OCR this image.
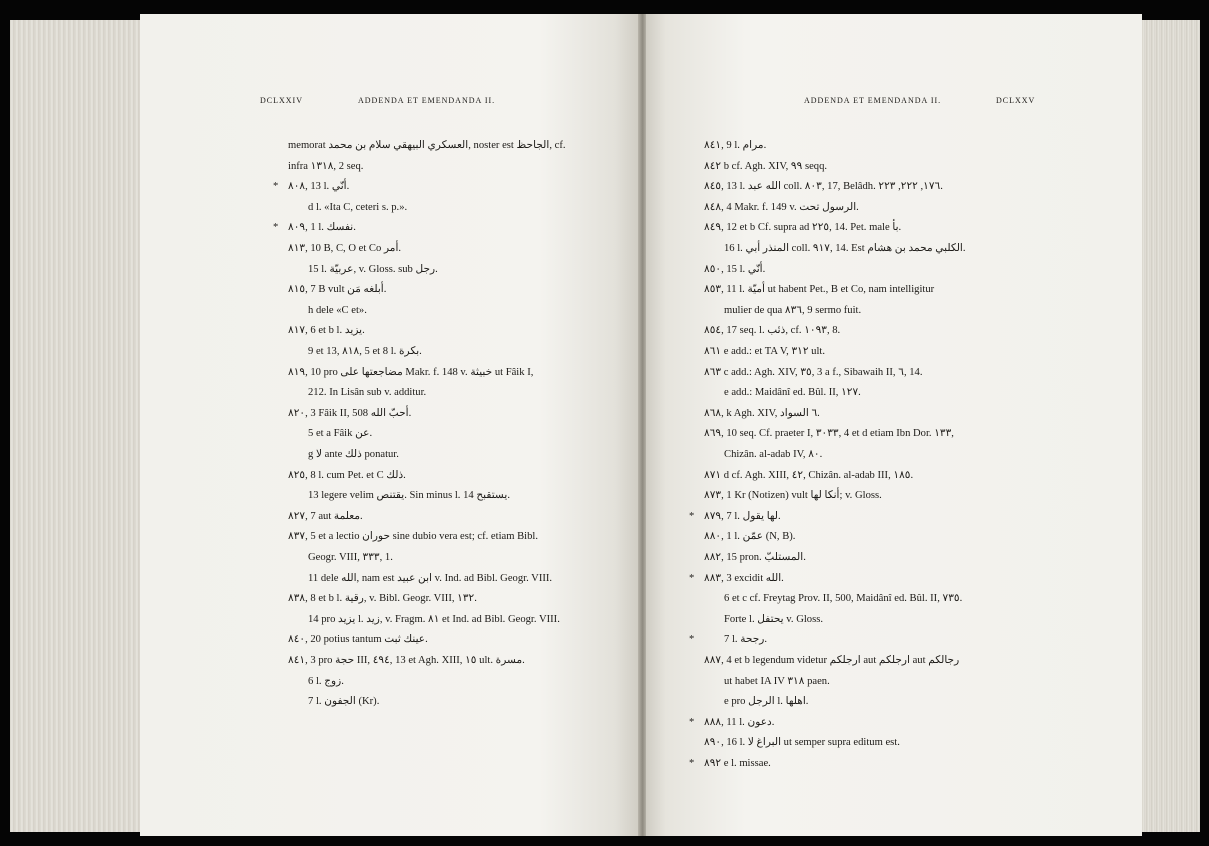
DCLXXIV	ADDENDA ET EMENDANDA II.
memorat العسكري البيهقي سلام بن محمد, noster est الجاحظ, cf.
infra ١٣١٨, 2 seq.
٨٠٨, 13 l. أنّي.
*
d l. «Ita C, ceteri s. p.».
٨٠٩, 1 l. نفسك.
*
٨١٣, 10 B, C, O et Co أمر.
15 l. عربيّة, v. Gloss. sub رجل.
٨١٥, 7 B vult أبلغه مَن.
h dele «C et».
٨١٧, 6 et b l. يزيد.
9 et 13, ٨١٨, 5 et 8 l. بكرة.
٨١٩, 10 pro مضاجعتها على Makr. f. 148 v. خبيثة ut Fâik I,
212. In Lisân sub v. additur.
٨٢٠, 3 Fâik II, 508 أحبّ الله.
5 et a Fâik عن.
g لا ante ذلك ponatur.
٨٢٥, 8 l. cum Pet. et C ذلك.
13 legere velim يقتنص. Sin minus l. 14 يستقبح.
٨٢٧, 7 aut معلمة.
٨٣٧, 5 et a lectio حوران sine dubio vera est; cf. etiam Bibl.
Geogr. VIII, ٣٣٣, 1.
11 dele الله, nam est ابن عبيد v. Ind. ad Bibl. Geogr. VIII.
٨٣٨, 8 et b l. رقية, v. Bibl. Geogr. VIII, ١٣٢.
14 pro يزيد l. زيد, v. Fragm. ٨١ et Ind. ad Bibl. Geogr. VIII.
٨٤٠, 20 potius tantum عينك ثبت.
٨٤١, 3 pro حجة III, ٤٩٤, 13 et Agh. XIII, ١٥ ult. مسرة.
6 l. زوج.
7 l. الجفون (Kr).
ADDENDA ET EMENDANDA II.	DCLXXV
٨٤١, 9 l. مرام.
٨٤٢ b cf. Agh. XIV, ٩٩ seqq.
٨٤٥, 13 l. الله عبد coll. ٨٠٣, 17, Belâdh. ١٧٦, ٢٢٢, ٢٢٣.
٨٤٨, 4 Makr. f. 149 v. الرسول تحت.
٨٤٩, 12 et b Cf. supra ad ٢٢٥, 14. Pet. male بأ.
16 l. المنذر أبي coll. ٩١٧, 14. Est الكلبي محمد بن هشام.
٨٥٠, 15 l. أنّي.
٨٥٣, 11 l. أميّة ut habent Pet., B et Co, nam intelligitur
mulier de qua ٨٣٦, 9 sermo fuit.
٨٥٤, 17 seq. l. ذئب, cf. ١٠٩٣, 8.
٨٦١ e add.: et TA V, ٣١٢ ult.
٨٦٣ c add.: Agh. XIV, ٣٥, 3 a f., Sibawaih II, ٦, 14.
e add.: Maidânî ed. Bûl. II, ١٢٧.
٨٦٨, k Agh. XIV, ٦ السواد.
٨٦٩, 10 seq. Cf. praeter I, ٣٠٣٣, 4 et d etiam Ibn Dor. ١٣٣,
Chizân. al-adab IV, ٨٠.
٨٧١ d cf. Agh. XIII, ٤٢, Chizân. al-adab III, ١٨٥.
٨٧٣, 1 Kr (Notizen) vult أنكا لها; v. Gloss.
٨٧٩, 7 l. لها يقول.
*
٨٨٠, 1 l. عمّن (N, B).
٨٨٢, 15 pron. المستلبّ.
٨٨٣, 3 excidit الله.
*
6 et c cf. Freytag Prov. II, 500, Maidânî ed. Bûl. II, ٧٣٥.
Forte l. يحتفل v. Gloss.
7 l. رجحة.
*
٨٨٧, 4 et b legendum videtur ارجلكم aut ارجلكم aut رجالكم
ut habet IA IV ٣١٨ paen.
e pro الرجل l. اهلها.
٨٨٨, 11 l. دعون.
*
٨٩٠, 16 l. البراغ لا ut semper supra editum est.
٨٩٢ e l. missae.
*
